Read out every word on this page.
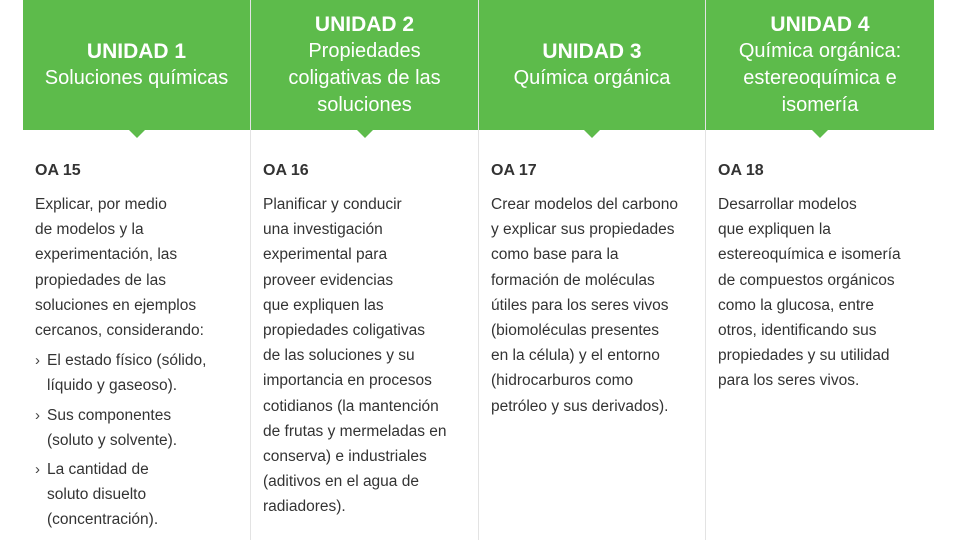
UNIDAD 1
Soluciones químicas
OA 15
Explicar, por medio
de modelos y la
experimentación, las
propiedades de las
soluciones en ejemplos
cercanos, considerando:
› El estado físico (sólido,
líquido y gaseoso).
› Sus componentes
(soluto y solvente).
› La cantidad de
soluto disuelto
(concentración).
UNIDAD 2
Propiedades
coligativas de las
soluciones
OA 16
Planificar y conducir
una investigación
experimental para
proveer evidencias
que expliquen las
propiedades coligativas
de las soluciones y su
importancia en procesos
cotidianos (la mantención
de frutas y mermeladas en
conserva) e industriales
(aditivos en el agua de
radiadores).
UNIDAD 3
Química orgánica
OA 17
Crear modelos del carbono
y explicar sus propiedades
como base para la
formación de moléculas
útiles para los seres vivos
(biomoléculas presentes
en la célula) y el entorno
(hidrocarburos como
petróleo y sus derivados).
UNIDAD 4
Química orgánica:
estereoquímica e
isomería
OA 18
Desarrollar modelos
que expliquen la
estereoquímica e isomería
de compuestos orgánicos
como la glucosa, entre
otros, identificando sus
propiedades y su utilidad
para los seres vivos.
